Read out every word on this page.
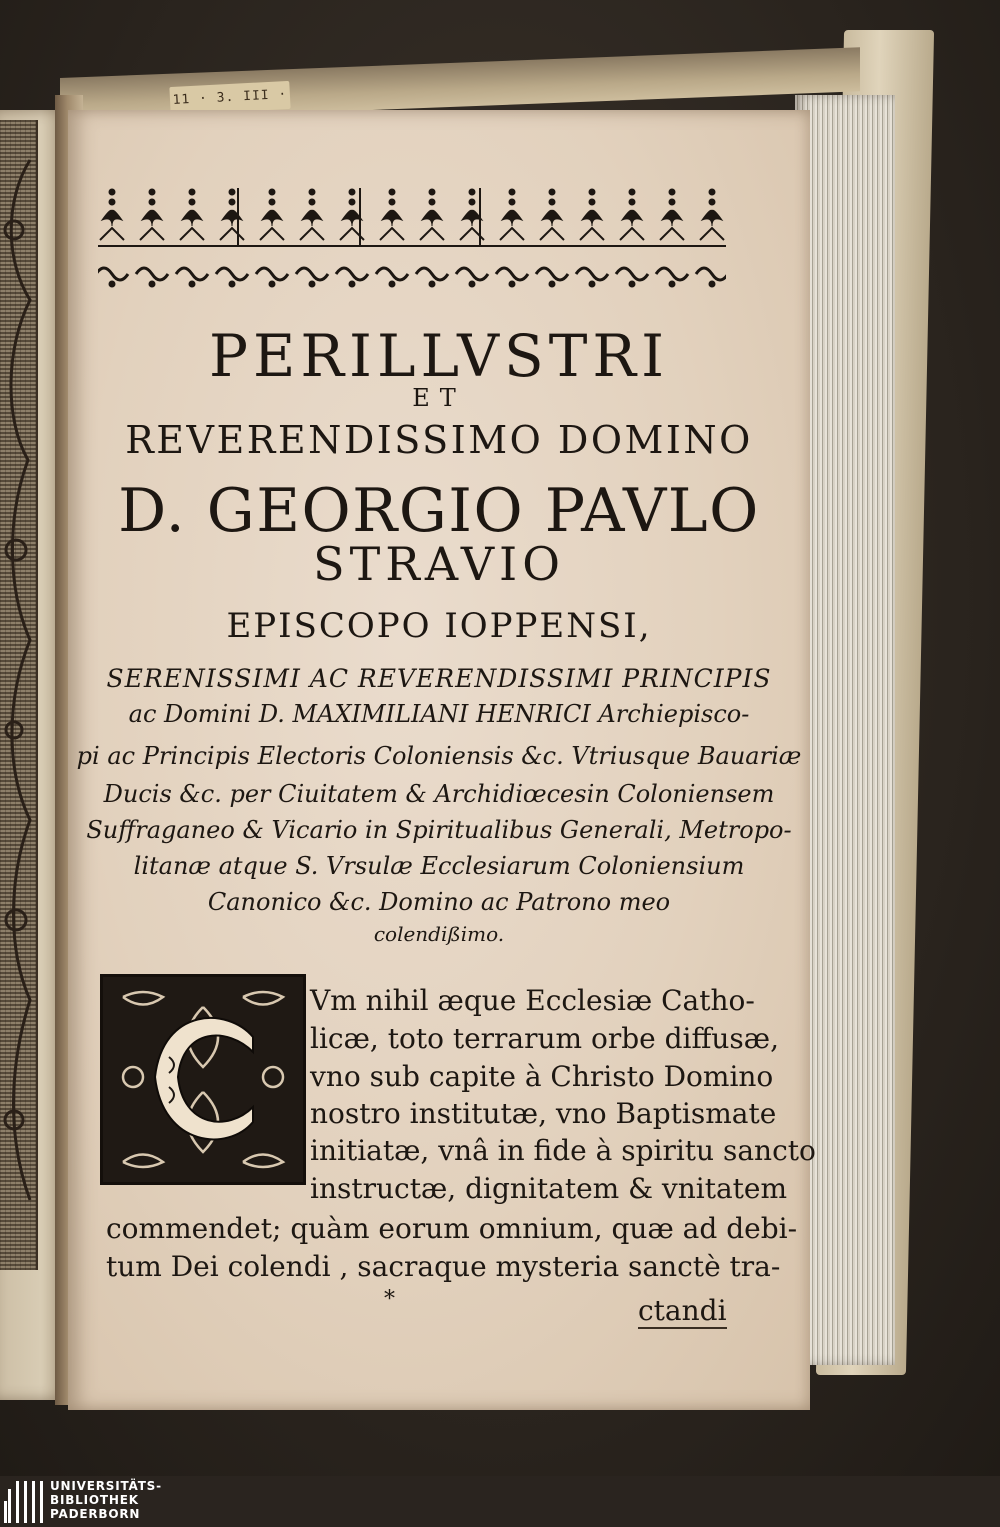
11 · 3. III ·
PERILLVSTRI
ET
REVERENDISSIMO DOMINO
D. GEORGIO PAVLO
STRAVIO
EPISCOPO IOPPENSI,
SERENISSIMI AC REVERENDISSIMI PRINCIPIS
ac Domini D. MAXIMILIANI HENRICI Archiepisco-
pi ac Principis Electoris Coloniensis &c. Vtriusque Bauariæ
Ducis &c. per Ciuitatem & Archidiœcesin Coloniensem
Suffraganeo & Vicario in Spiritualibus Generali, Metropo-
litanæ atque S. Vrsulæ Ecclesiarum Coloniensium
Canonico &c. Domino ac Patrono meo
colendißimo.
Vm nihil æque Ecclesiæ Catho-
licæ, toto terrarum orbe diffusæ,
vno sub capite à Christo Domino
nostro institutæ, vno Baptismate
initiatæ, vnâ in fide à spiritu sancto
instructæ, dignitatem & vnitatem
commendet; quàm eorum omnium, quæ ad debi-
tum Dei colendi , sacraque mysteria sanctè tra-
*	ctandi
UNIVERSITÄTS-
BIBLIOTHEK
PADERBORN
